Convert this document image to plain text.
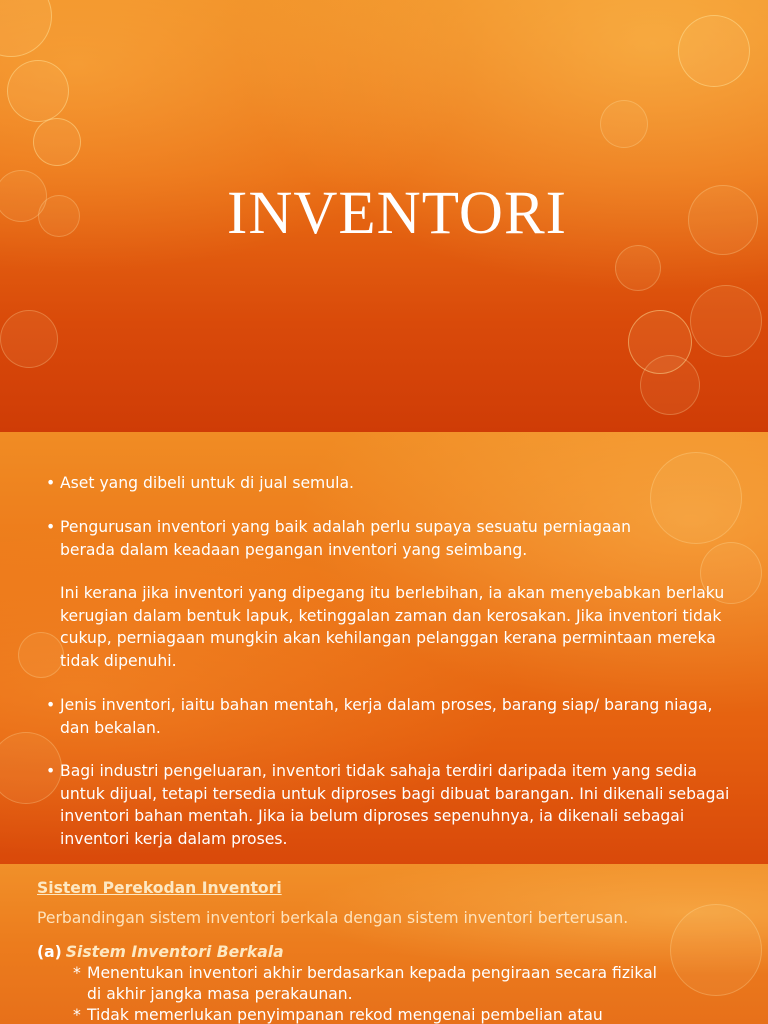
INVENTORI
• Aset yang dibeli untuk di jual semula.
• Pengurusan inventori yang baik adalah perlu supaya sesuatu perniagaan berada dalam keadaan pegangan inventori yang seimbang.
Ini kerana jika inventori yang dipegang itu berlebihan, ia akan menyebabkan berlaku kerugian dalam bentuk lapuk, ketinggalan zaman dan kerosakan. Jika inventori tidak cukup, perniagaan mungkin akan kehilangan pelanggan kerana permintaan mereka tidak dipenuhi.
• Jenis inventori, iaitu bahan mentah, kerja dalam proses, barang siap/ barang niaga, dan bekalan.
• Bagi industri pengeluaran, inventori tidak sahaja terdiri daripada item yang sedia untuk dijual, tetapi tersedia untuk diproses bagi dibuat barangan. Ini dikenali sebagai inventori bahan mentah. Jika ia belum diproses sepenuhnya, ia dikenali sebagai inventori kerja dalam proses.
Sistem Perekodan Inventori
Perbandingan sistem inventori berkala dengan sistem inventori berterusan.
(a) Sistem Inventori Berkala
* Menentukan inventori akhir berdasarkan kepada pengiraan secara fizikal di akhir jangka masa perakaunan.
* Tidak memerlukan penyimpanan rekod mengenai pembelian atau
